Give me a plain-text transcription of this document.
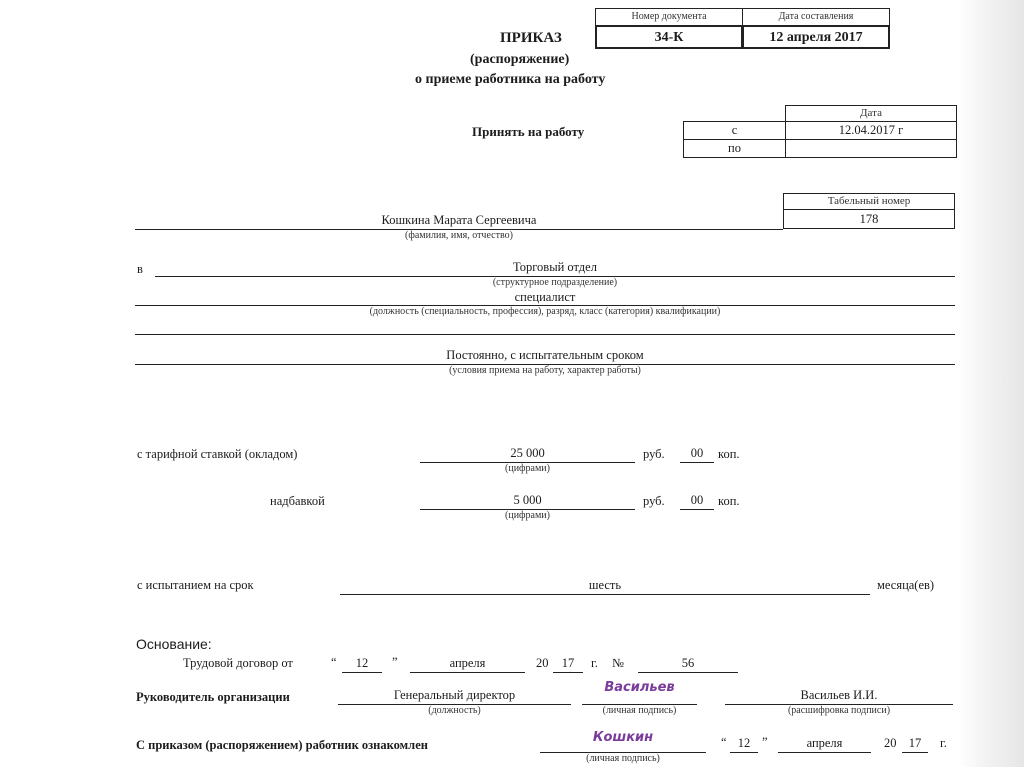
ПРИКАЗ
(распоряжение)
о приеме работника на работу
Номер документа	Дата составления
34-К	12 апреля 2017
Принять на работу
Дата
с	12.04.2017 г
по
Табельный номер
178
Кошкина Марата Сергеевича
(фамилия, имя, отчество)
в	Торговый отдел
(структурное подразделение)
специалист
(должность (специальность, профессия), разряд, класс (категория) квалификации)
Постоянно, с испытательным сроком
(условия приема на работу, характер работы)
с тарифной ставкой (окладом)	25 000
(цифрами)
руб.	00	коп.
надбавкой	5 000
(цифрами)
руб.	00	коп.
с испытанием на срок	шесть	месяца(ев)
Основание:
Трудовой договор от	“	12	”	апреля	20	17	г. №	56
Руководитель организации	Генеральный директор
(должность)
Васильев
(личная подпись)
Васильев И.И.
(расшифровка подписи)
С приказом (распоряжением) работник ознакомлен	Кошкин
(личная подпись)
“ 12 ”	апреля	20 17	г.
